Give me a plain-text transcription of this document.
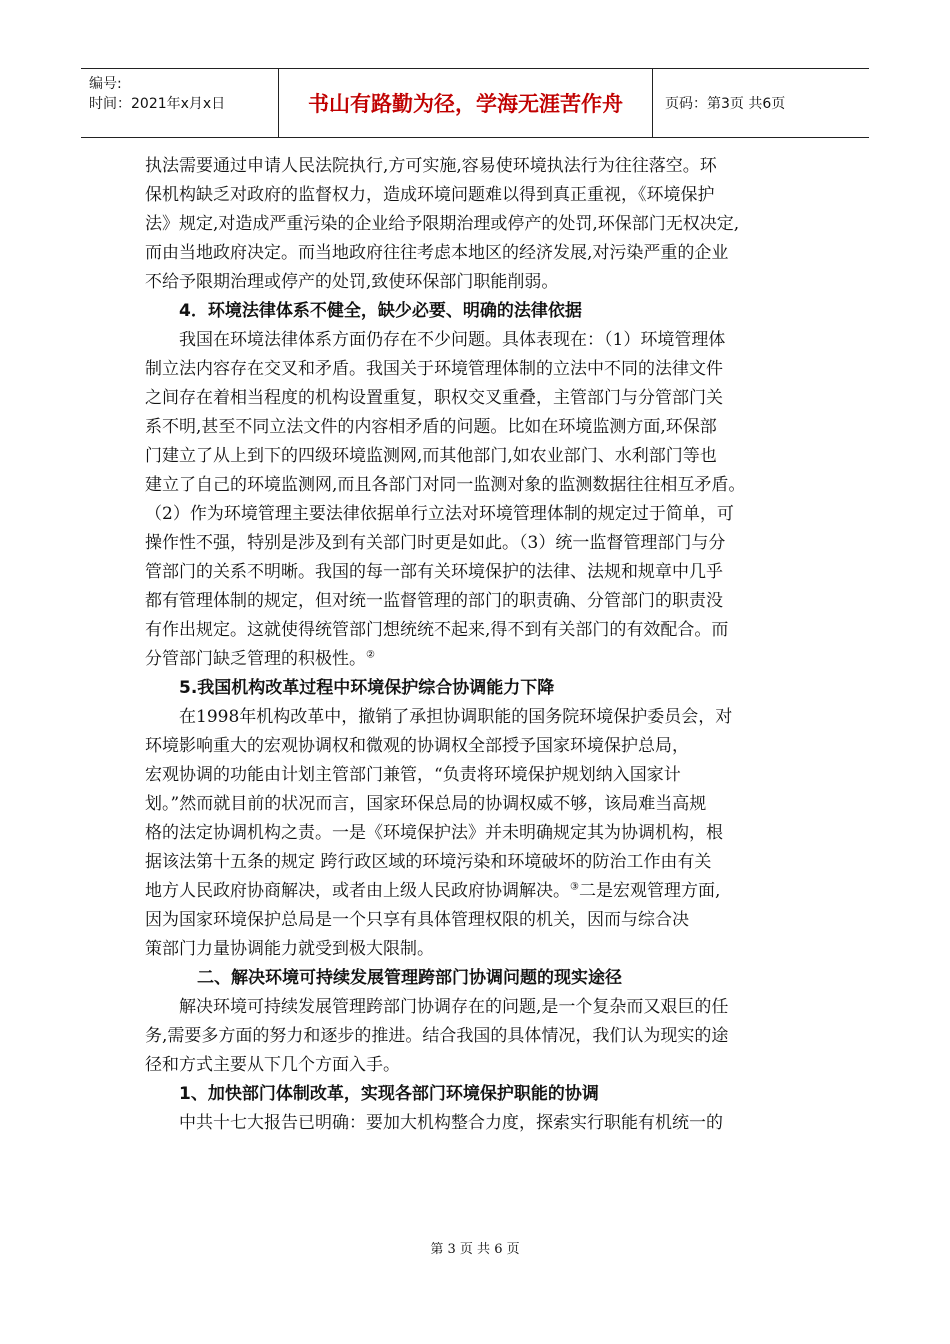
编号:
时间：2021年x月x日	书山有路勤为径，学海无涯苦作舟	页码：第3页 共6页

执法需要通过申请人民法院执行,方可实施,容易使环境执法行为往往落空。环

保机构缺乏对政府的监督权力，造成环境问题难以得到真正重视，《环境保护

法》规定,对造成严重污染的企业给予限期治理或停产的处罚,环保部门无权决定,

而由当地政府决定。而当地政府往往考虑本地区的经济发展,对污染严重的企业

不给予限期治理或停产的处罚,致使环保部门职能削弱。

4．环境法律体系不健全，缺少必要、明确的法律依据

我国在环境法律体系方面仍存在不少问题。具体表现在：（1）环境管理体

制立法内容存在交叉和矛盾。我国关于环境管理体制的立法中不同的法律文件

之间存在着相当程度的机构设置重复，职权交叉重叠，主管部门与分管部门关

系不明,甚至不同立法文件的内容相矛盾的问题。比如在环境监测方面,环保部

门建立了从上到下的四级环境监测网,而其他部门,如农业部门、水利部门等也

建立了自己的环境监测网,而且各部门对同一监测对象的监测数据往往相互矛盾。

（2）作为环境管理主要法律依据单行立法对环境管理体制的规定过于简单，可

操作性不强，特别是涉及到有关部门时更是如此。（3）统一监督管理部门与分

管部门的关系不明晰。我国的每一部有关环境保护的法律、法规和规章中几乎

都有管理体制的规定，但对统一监督管理的部门的职责确、分管部门的职责没

有作出规定。这就使得统管部门想统统不起来,得不到有关部门的有效配合。而

分管部门缺乏管理的积极性。②

5.我国机构改革过程中环境保护综合协调能力下降

在1998年机构改革中，撤销了承担协调职能的国务院环境保护委员会，对

环境影响重大的宏观协调权和微观的协调权全部授予国家环境保护总局，

宏观协调的功能由计划主管部门兼管，“负责将环境保护规划纳入国家计

划。”然而就目前的状况而言，国家环保总局的协调权威不够，该局难当高规

格的法定协调机构之责。一是《环境保护法》并未明确规定其为协调机构，根

据该法第十五条的规定 跨行政区域的环境污染和环境破坏的防治工作由有关

地方人民政府协商解决，或者由上级人民政府协调解决。③二是宏观管理方面,

因为国家环境保护总局是一个只享有具体管理权限的机关，因而与综合决

策部门力量协调能力就受到极大限制。

二、解决环境可持续发展管理跨部门协调问题的现实途径

解决环境可持续发展管理跨部门协调存在的问题,是一个复杂而又艰巨的任

务,需要多方面的努力和逐步的推进。结合我国的具体情况，我们认为现实的途

径和方式主要从下几个方面入手。

1、加快部门体制改革，实现各部门环境保护职能的协调

中共十七大报告已明确：要加大机构整合力度，探索实行职能有机统一的

第 3 页 共 6 页
